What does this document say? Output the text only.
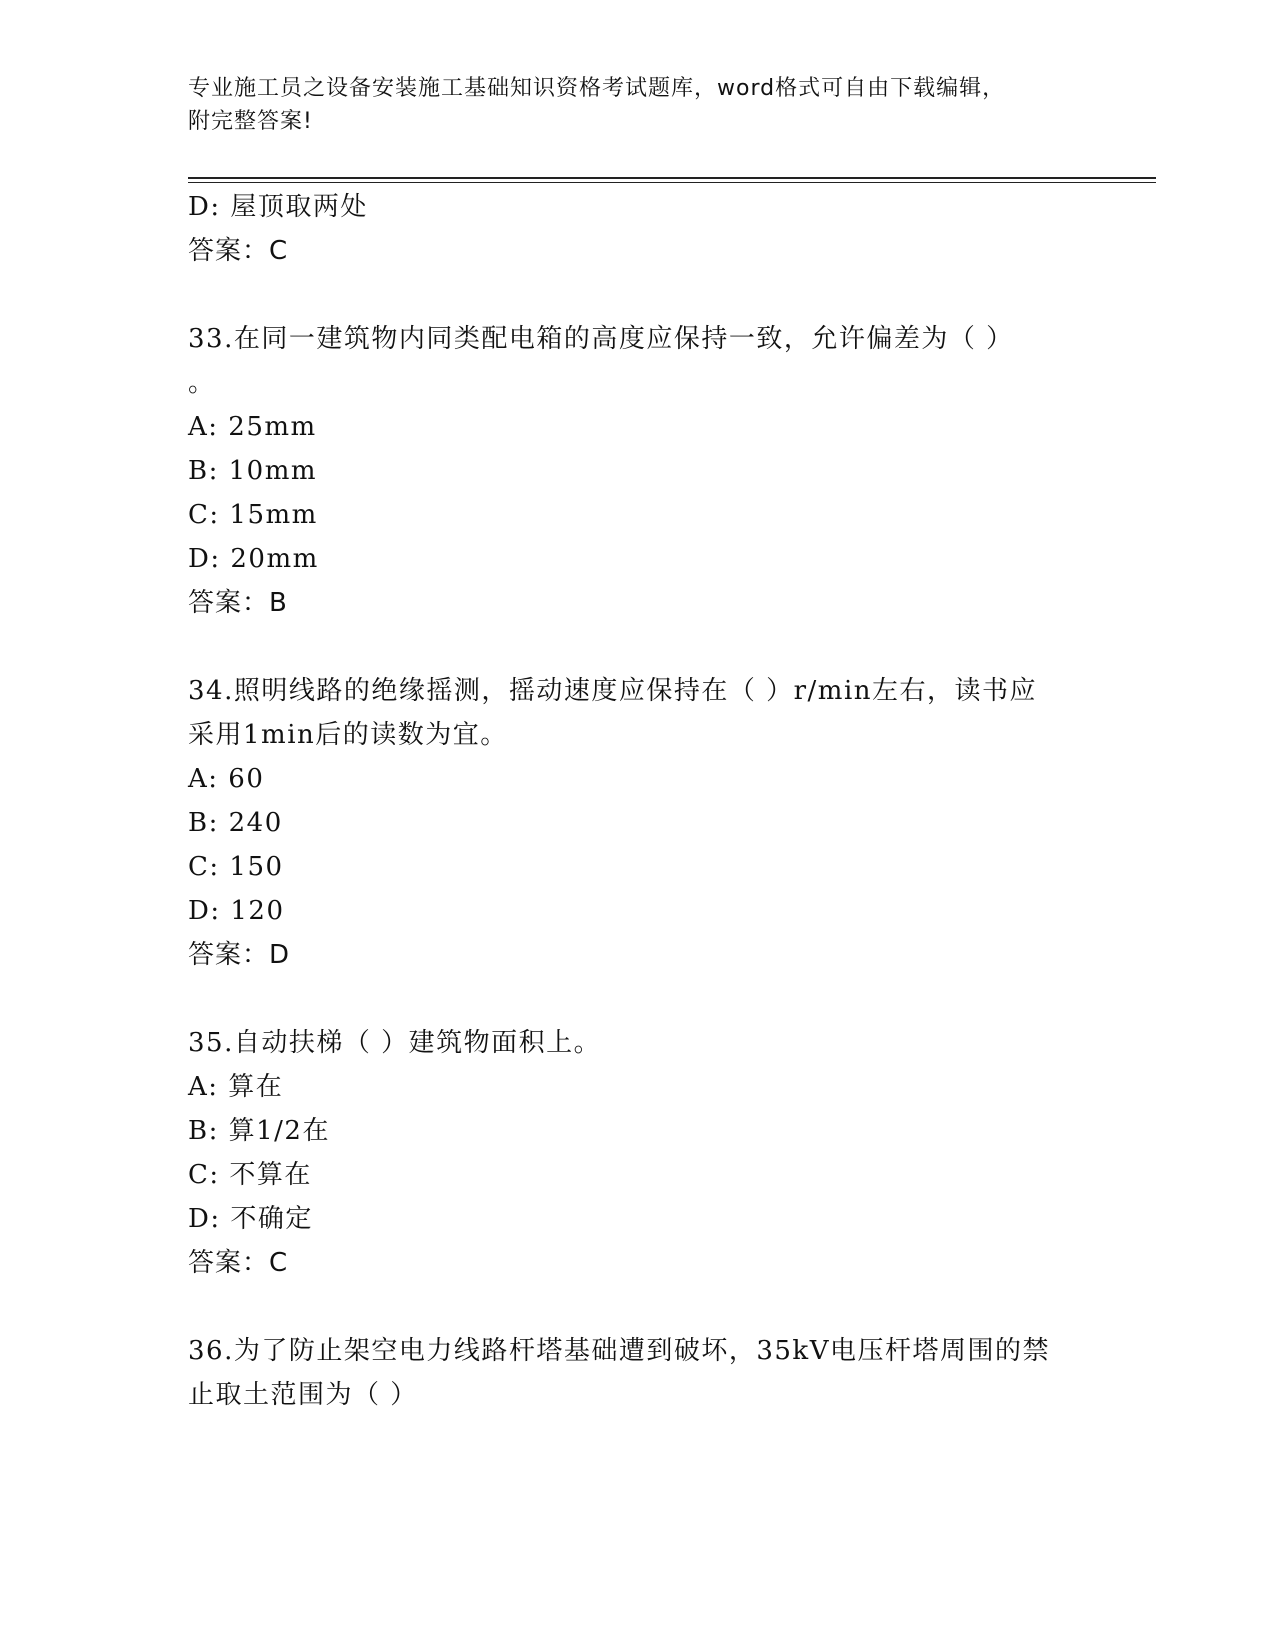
专业施工员之设备安装施工基础知识资格考试题库，word格式可自由下载编辑，
附完整答案!
D: 屋顶取两处
答案：C
33.在同一建筑物内同类配电箱的高度应保持一致，允许偏差为（ ）
。
A: 25mm
B: 10mm
C: 15mm
D: 20mm
答案：B
34.照明线路的绝缘摇测，摇动速度应保持在（ ）r/min左右，读书应
采用1min后的读数为宜。
A: 60
B: 240
C: 150
D: 120
答案：D
35.自动扶梯（ ）建筑物面积上。
A: 算在
B: 算1/2在
C: 不算在
D: 不确定
答案：C
36.为了防止架空电力线路杆塔基础遭到破坏，35kV电压杆塔周围的禁
止取土范围为（ ）
